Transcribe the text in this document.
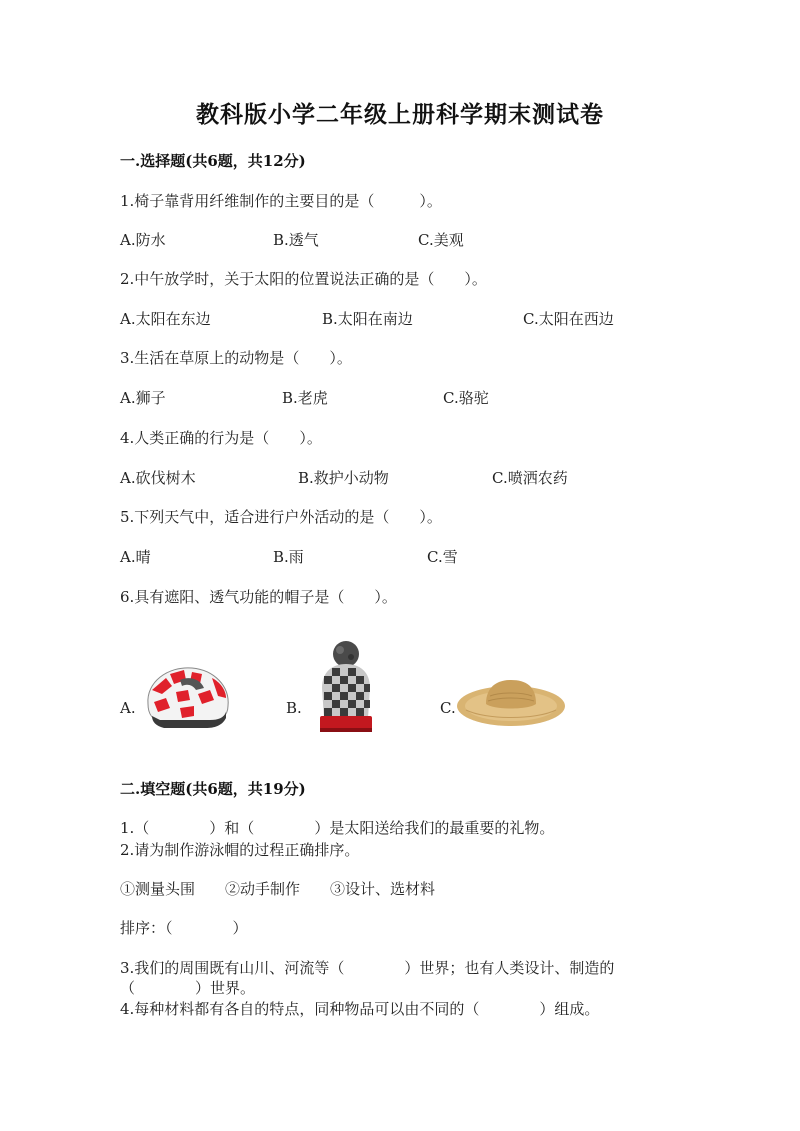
教科版小学二年级上册科学期末测试卷
一.选择题(共6题，共12分)
1.椅子靠背用纤维制作的主要目的是（　　　）。
A.防水	B.透气	C.美观
2.中午放学时，关于太阳的位置说法正确的是（　　）。
A.太阳在东边	B.太阳在南边	C.太阳在西边
3.生活在草原上的动物是（　　）。
A.狮子	B.老虎	C.骆驼
4.人类正确的行为是（　　）。
A.砍伐树木	B.救护小动物	C.喷洒农药
5.下列天气中，适合进行户外活动的是（　　）。
A.晴	B.雨	C.雪
6.具有遮阳、透气功能的帽子是（　　）。
A.	B.	C.
二.填空题(共6题，共19分)
1.（　　　　）和（　　　　）是太阳送给我们的最重要的礼物。
2.请为制作游泳帽的过程正确排序。
①测量头围　　②动手制作　　③设计、选材料
排序：（　　　　）
3.我们的周围既有山川、河流等（　　　　）世界；也有人类设计、制造的
（　　　　）世界。
4.每种材料都有各自的特点，同种物品可以由不同的（　　　　）组成。
